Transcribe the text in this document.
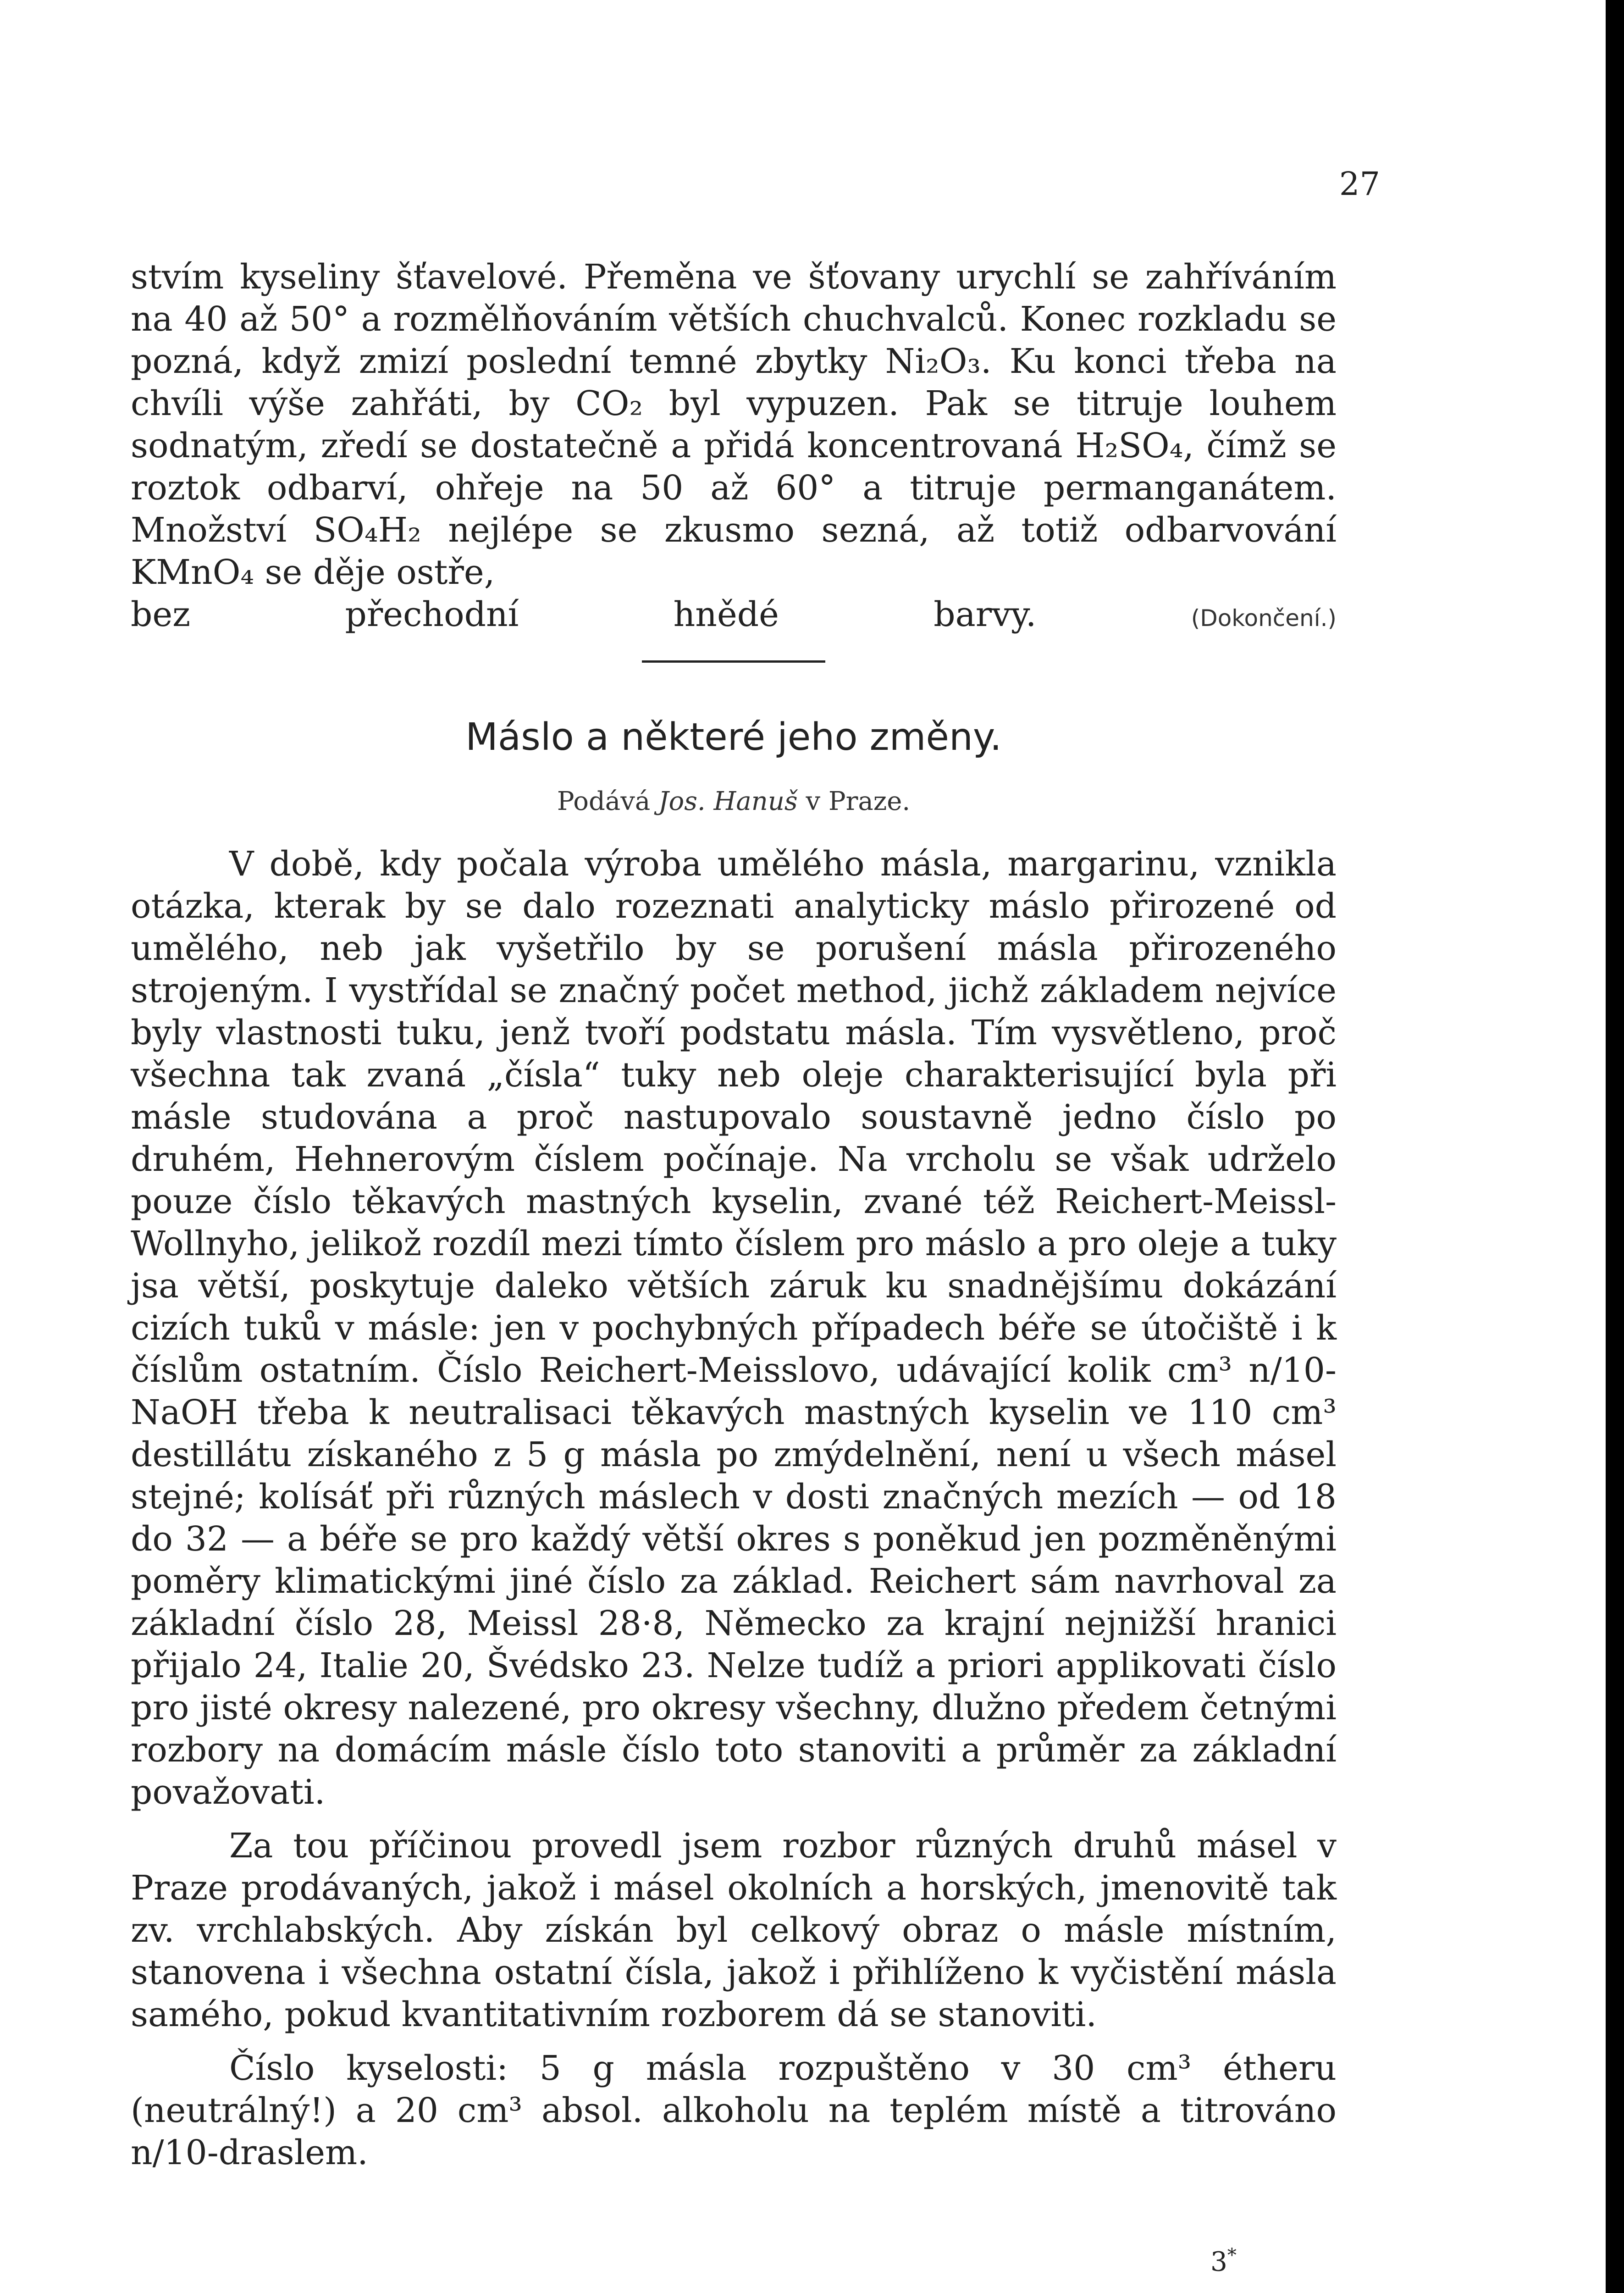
27

stvím kyseliny šťavelové. Přeměna ve šťovany urychlí se zahříváním na 40 až 50° a rozmělňováním větších chuchvalců. Konec rozkladu se pozná, když zmizí poslední temné zbytky Ni₂O₃. Ku konci třeba na chvíli výše zahřáti, by CO₂ byl vypuzen. Pak se titruje louhem sodnatým, zředí se dostatečně a přidá koncentrovaná H₂SO₄, čímž se roztok odbarví, ohřeje na 50 až 60° a titruje permanganátem. Množství SO₄H₂ nejlépe se zkusmo sezná, až totiž odbarvování KMnO₄ se děje ostře,

bez přechodní hnědé barvy.	(Dokončení.)

Máslo a některé jeho změny.
Podává Jos. Hanuš v Praze.

V době, kdy počala výroba umělého másla, margarinu, vznikla otázka, kterak by se dalo rozeznati analyticky máslo přirozené od umělého, neb jak vyšetřilo by se porušení másla přirozeného strojeným. I vystřídal se značný počet method, jichž základem nejvíce byly vlastnosti tuku, jenž tvoří podstatu másla. Tím vysvětleno, proč všechna tak zvaná „čísla“ tuky neb oleje charakterisující byla při másle studována a proč nastupovalo soustavně jedno číslo po druhém, Hehnerovým číslem počínaje. Na vrcholu se však udrželo pouze číslo těkavých mastných kyselin, zvané též Reichert-Meissl-Wollnyho, jelikož rozdíl mezi tímto číslem pro máslo a pro oleje a tuky jsa větší, poskytuje daleko větších záruk ku snadnějšímu dokázání cizích tuků v másle: jen v pochybných případech béře se útočiště i k číslům ostatním. Číslo Reichert-Meisslovo, udávající kolik cm³ n/10-NaOH třeba k neutralisaci těkavých mastných kyselin ve 110 cm³ destillátu získaného z 5 g másla po zmýdelnění, není u všech másel stejné; kolísáť při různých máslech v dosti značných mezích — od 18 do 32 — a béře se pro každý větší okres s poněkud jen pozměněnými poměry klimatickými jiné číslo za základ. Reichert sám navrhoval za základní číslo 28, Meissl 28·8, Německo za krajní nejnižší hranici přijalo 24, Italie 20, Švédsko 23. Nelze tudíž a priori applikovati číslo pro jisté okresy nalezené, pro okresy všechny, dlužno předem četnými rozbory na domácím másle číslo toto stanoviti a průměr za základní považovati.

Za tou příčinou provedl jsem rozbor různých druhů másel v Praze prodávaných, jakož i másel okolních a horských, jmenovitě tak zv. vrchlabských. Aby získán byl celkový obraz o másle místním, stanovena i všechna ostatní čísla, jakož i přihlíženo k vyčistění másla samého, pokud kvantitativním rozborem dá se stanoviti.

Číslo kyselosti: 5 g másla rozpuštěno v 30 cm³ étheru (neutrálný!) a 20 cm³ absol. alkoholu na teplém místě a titrováno n/10-draslem.

3*
